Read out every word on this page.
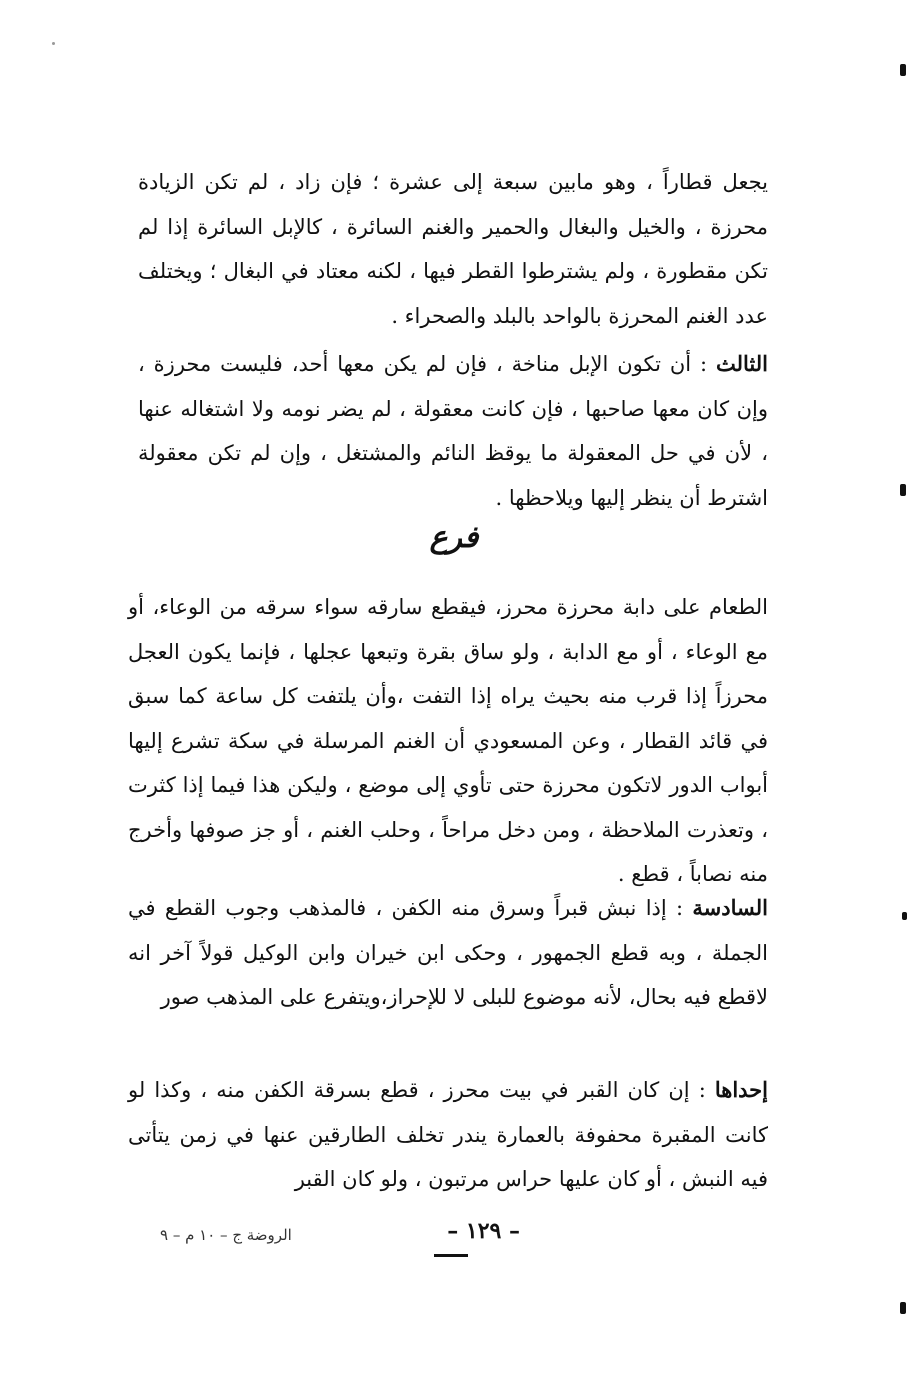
يجعل قطاراً ، وهو مابين سبعة إلى عشرة ؛ فإن زاد ، لم تكن الزيادة محرزة ، والخيل والبغال والحمير والغنم السائرة ، كالإبل السائرة إذا لم تكن مقطورة ، ولم يشترطوا القطر فيها ، لكنه معتاد في البغال ؛ ويختلف عدد الغنم المحرزة بالواحد بالبلد والصحراء .

الثالث : أن تكون الإبل مناخة ، فإن لم يكن معها أحد، فليست محرزة ، وإن كان معها صاحبها ، فإن كانت معقولة ، لم يضر نومه ولا اشتغاله عنها ، لأن في حل المعقولة ما يوقظ النائم والمشتغل ، وإن لم تكن معقولة اشترط أن ينظر إليها ويلاحظها .

فرع

الطعام على دابة محرزة محرز، فيقطع سارقه سواء سرقه من الوعاء، أو مع الوعاء ، أو مع الدابة ، ولو ساق بقرة وتبعها عجلها ، فإنما يكون العجل محرزاً إذا قرب منه بحيث يراه إذا التفت ،وأن يلتفت كل ساعة كما سبق في قائد القطار ، وعن المسعودي أن الغنم المرسلة في سكة تشرع إليها أبواب الدور لاتكون محرزة حتى تأوي إلى موضع ، وليكن هذا فيما إذا كثرت ، وتعذرت الملاحظة ، ومن دخل مراحاً ، وحلب الغنم ، أو جز صوفها وأخرج منه نصاباً ، قطع .

السادسة : إذا نبش قبراً وسرق منه الكفن ، فالمذهب وجوب القطع في الجملة ، وبه قطع الجمهور ، وحكى ابن خيران وابن الوكيل قولاً آخر انه لاقطع فيه بحال، لأنه موضوع للبلى لا للإحراز،ويتفرع على المذهب صور

إحداها : إن كان القبر في بيت محرز ، قطع بسرقة الكفن منه ، وكذا لو كانت المقبرة محفوفة بالعمارة يندر تخلف الطارقين عنها في زمن يتأتى فيه النبش ، أو كان عليها حراس مرتبون ، ولو كان القبر

– ١٢٩ –
الروضة ج – ١٠ م – ٩
